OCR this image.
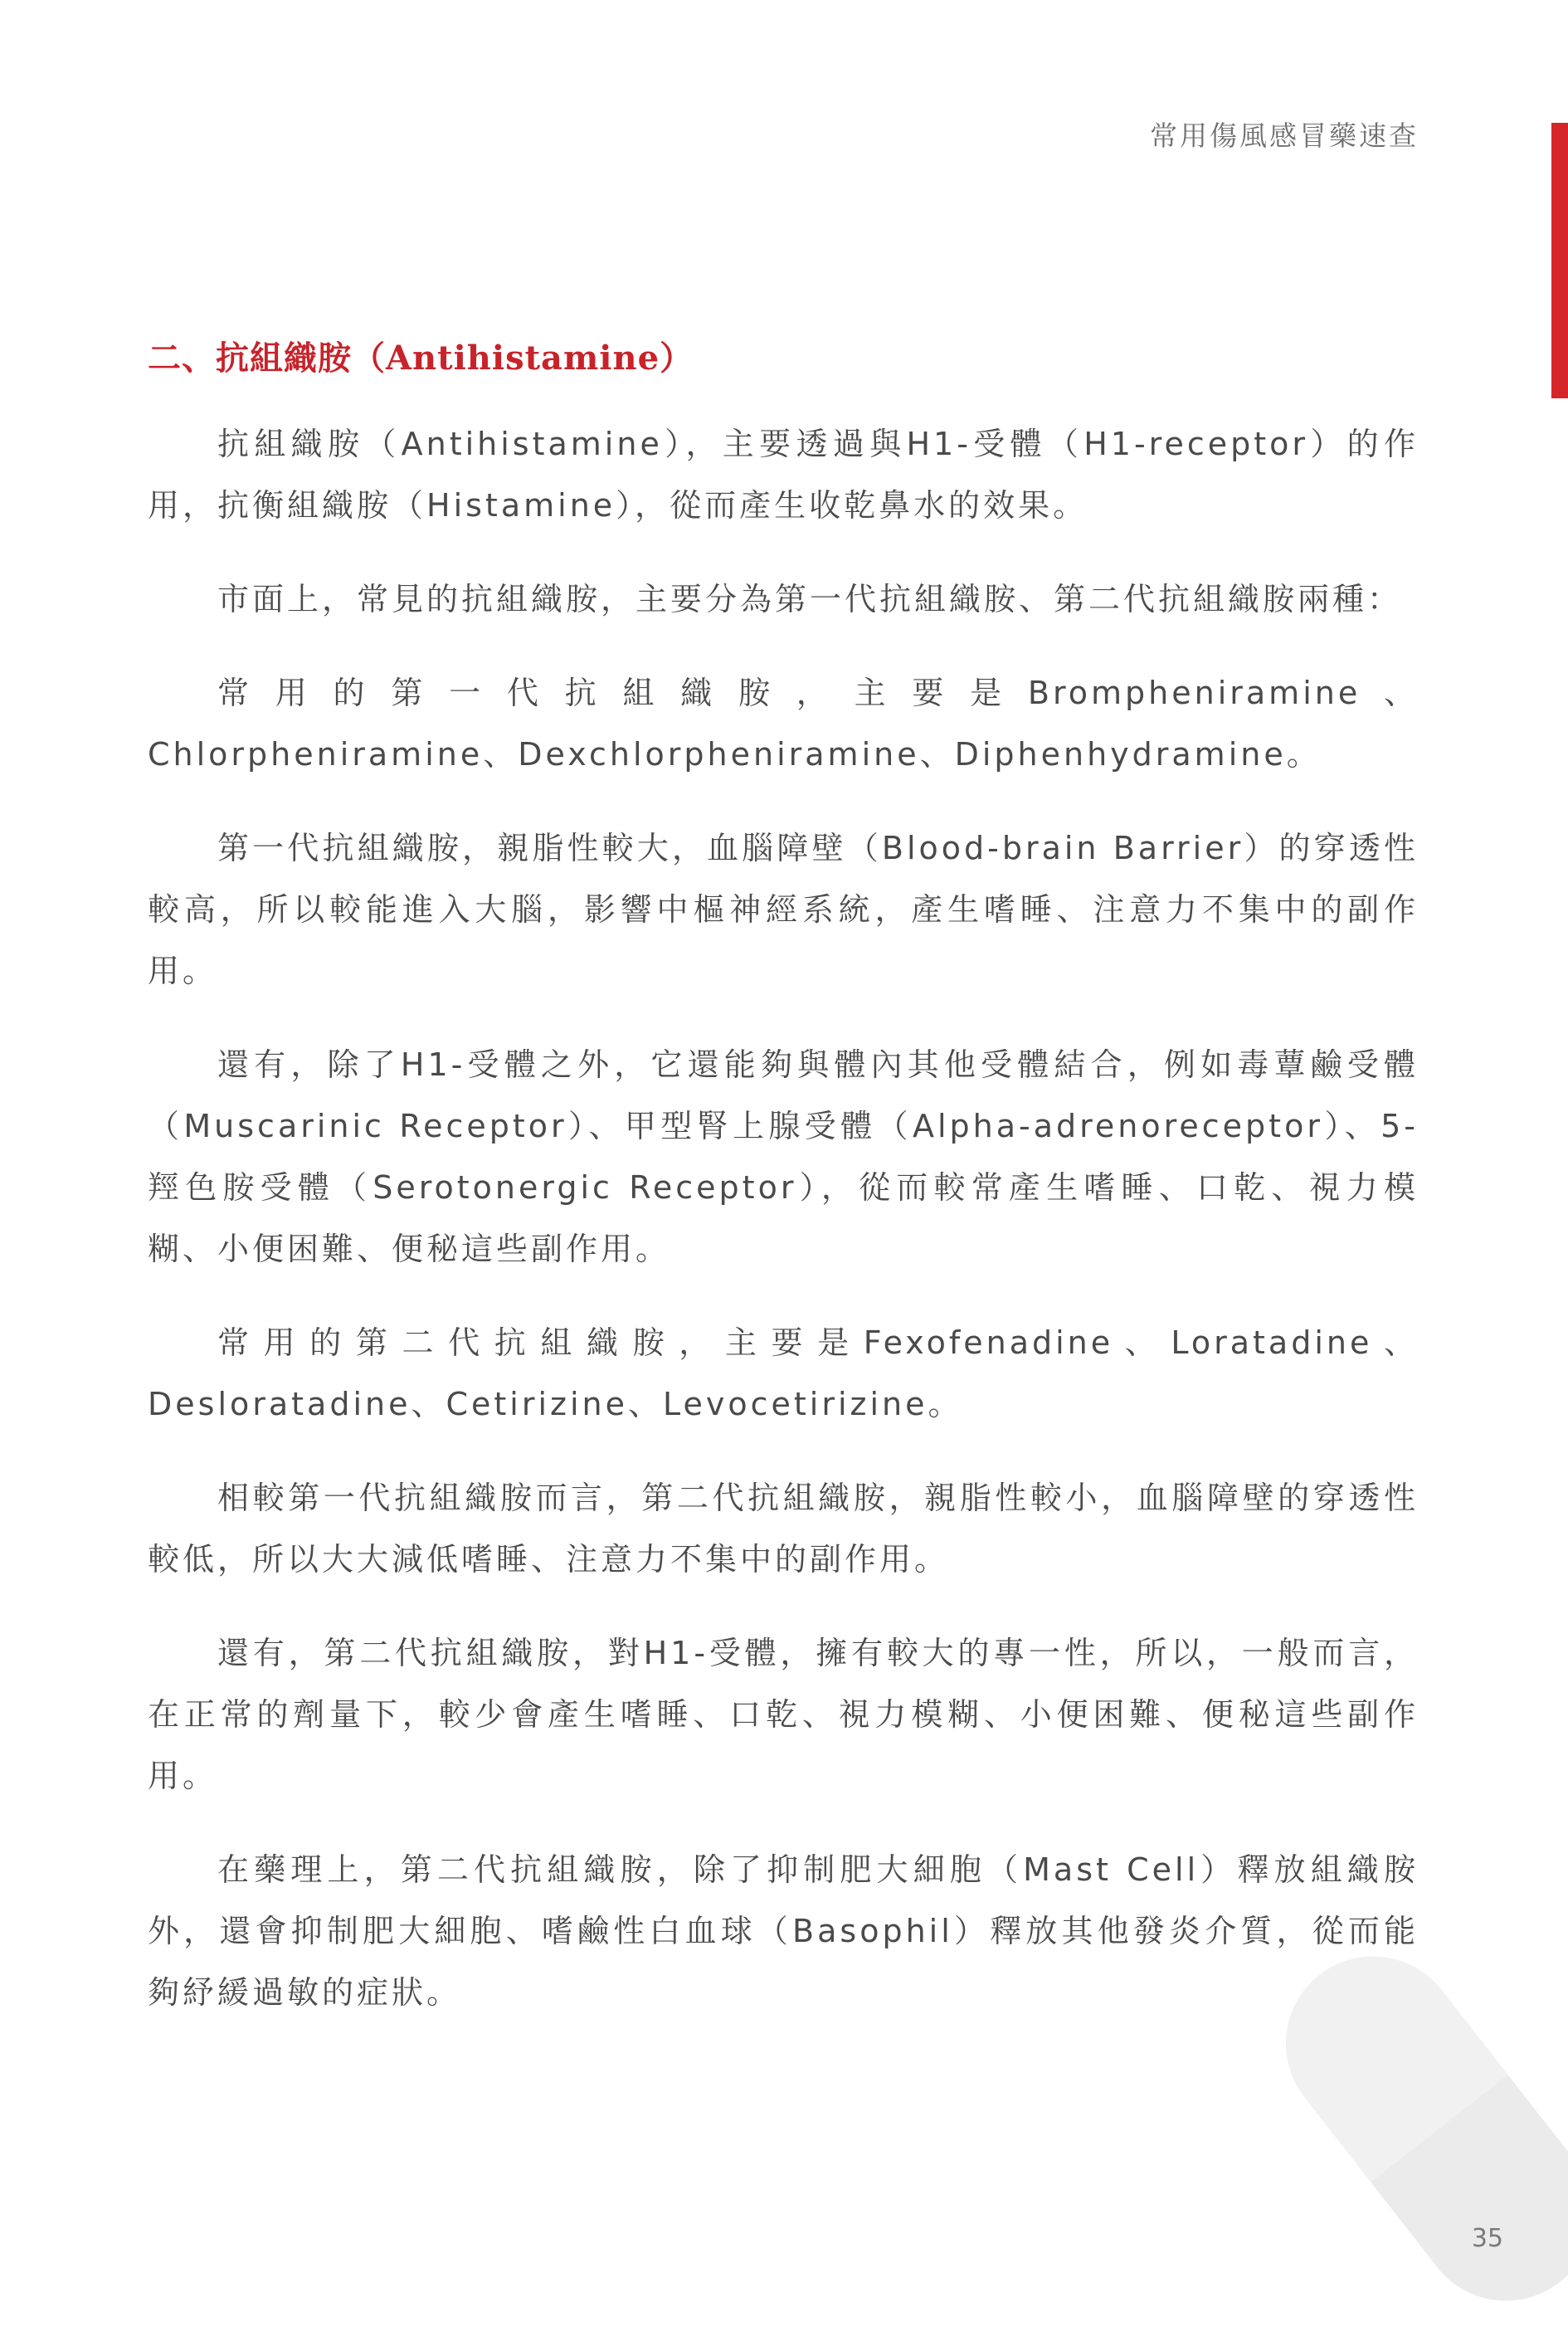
常用傷風感冒藥速查
二、抗組織胺（Antihistamine）

抗組織胺（Antihistamine），主要透過與H1-受體（H1-receptor）的作用，抗衡組織胺（Histamine），從而產生收乾鼻水的效果。

市面上，常見的抗組織胺，主要分為第一代抗組織胺、第二代抗組織胺兩種：

常用的第一代抗組織胺，主要是Brompheniramine、Chlorpheniramine、Dexchlorpheniramine、Diphenhydramine。

第一代抗組織胺，親脂性較大，血腦障壁（Blood-brain Barrier）的穿透性較高，所以較能進入大腦，影響中樞神經系統，產生嗜睡、注意力不集中的副作用。

還有，除了H1-受體之外，它還能夠與體內其他受體結合，例如毒蕈鹼受體（Muscarinic Receptor）、甲型腎上腺受體（Alpha-adrenoreceptor）、5-羥色胺受體（Serotonergic Receptor），從而較常產生嗜睡、口乾、視力模糊、小便困難、便秘這些副作用。

常用的第二代抗組織胺，主要是Fexofenadine、Loratadine、Desloratadine、Cetirizine、Levocetirizine。

相較第一代抗組織胺而言，第二代抗組織胺，親脂性較小，血腦障壁的穿透性較低，所以大大減低嗜睡、注意力不集中的副作用。

還有，第二代抗組織胺，對H1-受體，擁有較大的專一性，所以，一般而言，在正常的劑量下，較少會產生嗜睡、口乾、視力模糊、小便困難、便秘這些副作用。

在藥理上，第二代抗組織胺，除了抑制肥大細胞（Mast Cell）釋放組織胺外，還會抑制肥大細胞、嗜鹼性白血球（Basophil）釋放其他發炎介質，從而能夠紓緩過敏的症狀。

35
